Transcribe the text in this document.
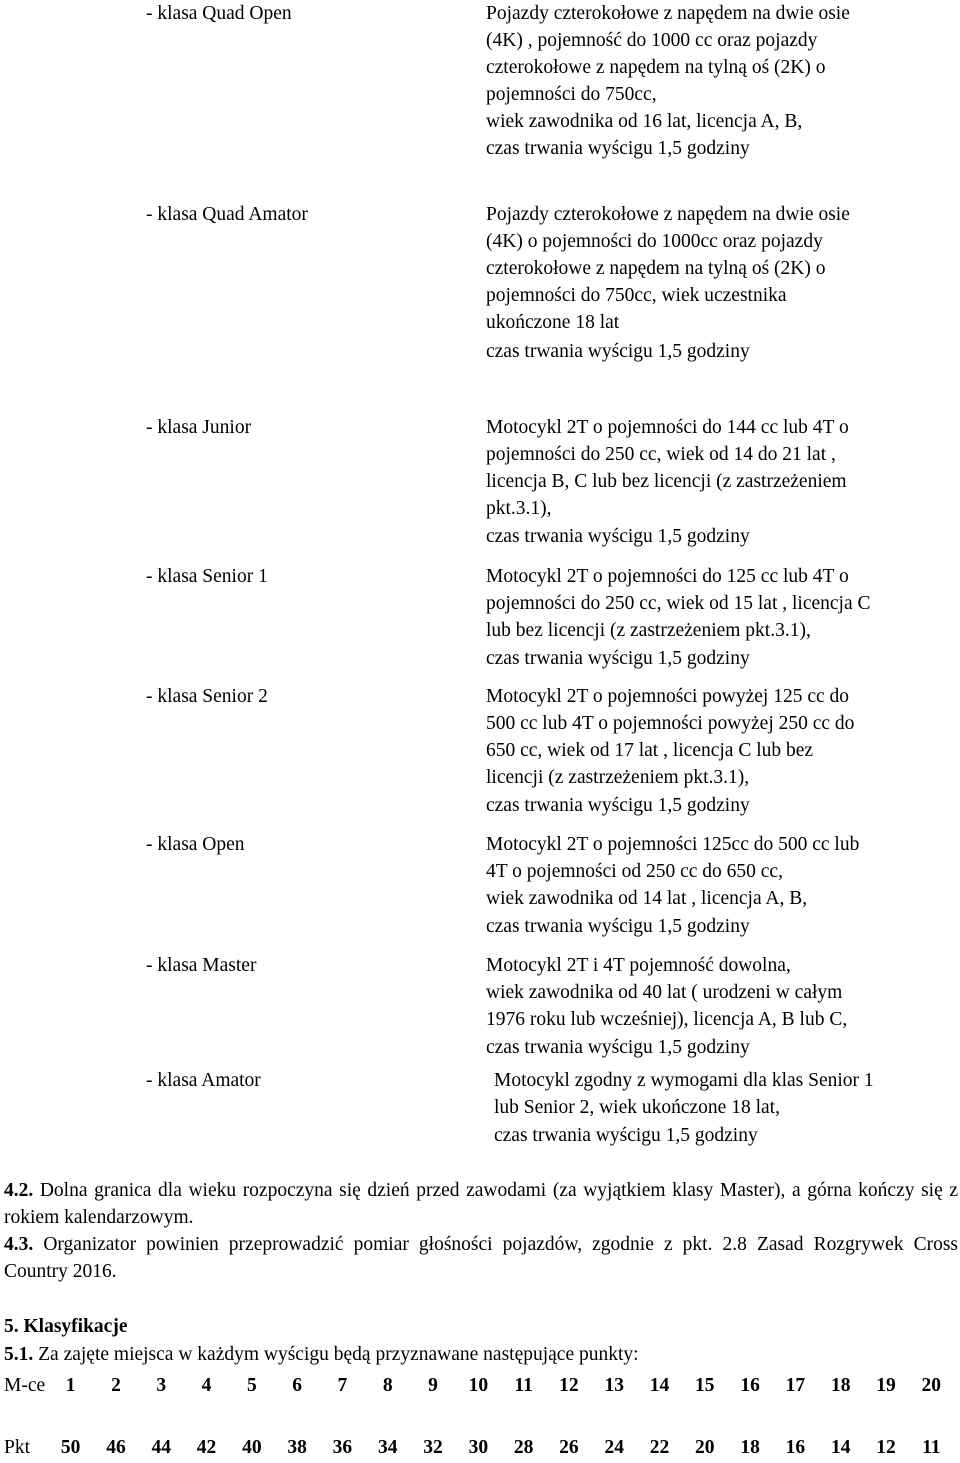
- klasa Quad Open	Pojazdy czterokołowe z napędem na dwie osie
(4K) , pojemność do 1000 cc oraz pojazdy
czterokołowe z napędem na tylną oś (2K) o
pojemności do 750cc,
wiek zawodnika od 16 lat, licencja A, B,
czas trwania wyścigu 1,5 godziny
- klasa Quad Amator	Pojazdy czterokołowe z napędem na dwie osie
(4K) o pojemności do 1000cc oraz pojazdy
czterokołowe z napędem na tylną oś (2K) o
pojemności do 750cc, wiek uczestnika
ukończone 18 lat
czas trwania wyścigu 1,5 godziny
- klasa Junior	Motocykl 2T o pojemności do 144 cc lub 4T o
pojemności do 250 cc, wiek od 14 do 21 lat ,
licencja B, C lub bez licencji (z zastrzeżeniem
pkt.3.1),
czas trwania wyścigu 1,5 godziny
- klasa Senior 1	Motocykl 2T o pojemności do 125 cc lub 4T o
pojemności do 250 cc, wiek od 15 lat , licencja C
lub bez licencji (z zastrzeżeniem pkt.3.1),
czas trwania wyścigu 1,5 godziny
- klasa Senior 2	Motocykl 2T o pojemności powyżej 125 cc do
500 cc lub 4T o pojemności powyżej 250 cc do
650 cc, wiek od 17 lat , licencja C lub bez
licencji (z zastrzeżeniem pkt.3.1),
czas trwania wyścigu 1,5 godziny
- klasa Open	Motocykl 2T o pojemności 125cc do 500 cc lub
4T o pojemności od 250 cc do 650 cc,
wiek zawodnika od 14 lat , licencja A, B,
czas trwania wyścigu 1,5 godziny
- klasa Master	Motocykl 2T i 4T pojemność dowolna,
wiek zawodnika od 40 lat ( urodzeni w całym
1976 roku lub wcześniej), licencja A, B lub C,
czas trwania wyścigu 1,5 godziny
- klasa Amator	Motocykl zgodny z wymogami dla klas Senior 1
lub Senior 2, wiek ukończone 18 lat,
czas trwania wyścigu 1,5 godziny
4.2. Dolna granica dla wieku rozpoczyna się dzień przed zawodami (za wyjątkiem klasy Master), a górna kończy się z rokiem kalendarzowym.
4.3. Organizator powinien przeprowadzić pomiar głośności pojazdów, zgodnie z pkt. 2.8 Zasad Rozgrywek Cross Country 2016.
5. Klasyfikacje
5.1. Za zajęte miejsca w każdym wyścigu będą przyznawane następujące punkty:
M-ce	1	2	3	4	5	6	7	8	9	10	11	12	13	14	15	16	17	18	19	20
Pkt	50	46	44	42	40	38	36	34	32	30	28	26	24	22	20	18	16	14	12	11
